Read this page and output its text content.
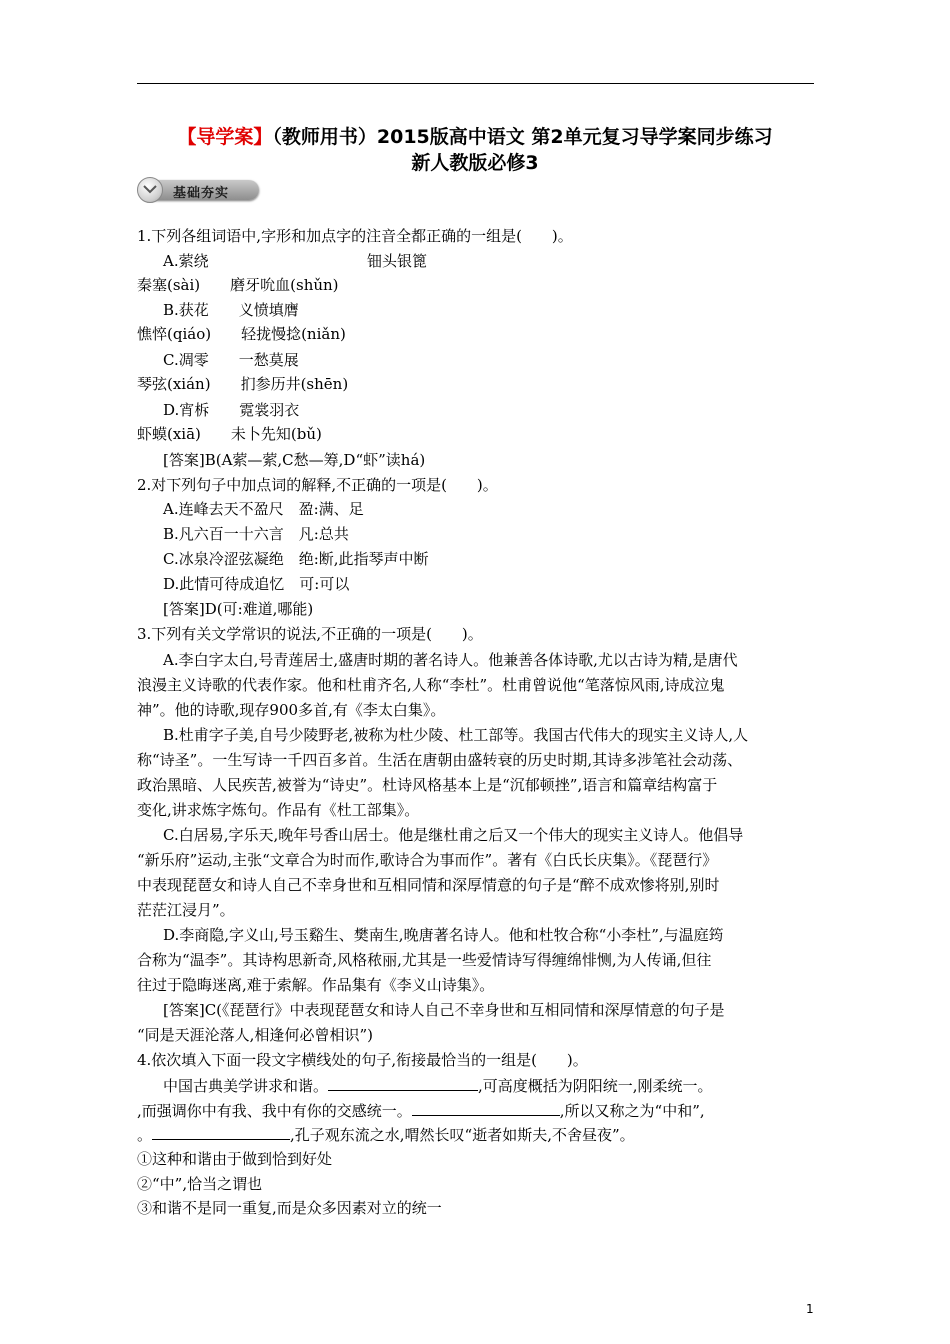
【导学案】（教师用书）2015版高中语文 第2单元复习导学案同步练习
新人教版必修3
基础夯实
1.下列各组词语中,字形和加点字的注音全都正确的一组是(　　)。
A.萦绕	钿头银篦
秦塞(sài)　　磨牙吮血(shǔn)
B.获花　　义愤填膺
憔悴(qiáo)　　轻拢慢捻(niǎn)
C.凋零　　一愁莫展
琴弦(xián)　　扪参历井(shēn)
D.宵柝　　霓裳羽衣
虾蟆(xiā)　　未卜先知(bǔ)
[答案]B(A萦—萦,C愁—筹,D“虾”读há)
2.对下列句子中加点词的解释,不正确的一项是(　　)。
A.连峰去天不盈尺　盈:满、足
B.凡六百一十六言　凡:总共
C.冰泉冷涩弦凝绝　绝:断,此指琴声中断
D.此情可待成追忆　可:可以
[答案]D(可:难道,哪能)
3.下列有关文学常识的说法,不正确的一项是(　　)。
A.李白字太白,号青莲居士,盛唐时期的著名诗人。他兼善各体诗歌,尤以古诗为精,是唐代
浪漫主义诗歌的代表作家。他和杜甫齐名,人称“李杜”。杜甫曾说他“笔落惊风雨,诗成泣鬼
神”。他的诗歌,现存900多首,有《李太白集》。
B.杜甫字子美,自号少陵野老,被称为杜少陵、杜工部等。我国古代伟大的现实主义诗人,人
称“诗圣”。一生写诗一千四百多首。生活在唐朝由盛转衰的历史时期,其诗多涉笔社会动荡、
政治黑暗、人民疾苦,被誉为“诗史”。杜诗风格基本上是“沉郁顿挫”,语言和篇章结构富于
变化,讲求炼字炼句。作品有《杜工部集》。
C.白居易,字乐天,晚年号香山居士。他是继杜甫之后又一个伟大的现实主义诗人。他倡导
“新乐府”运动,主张“文章合为时而作,歌诗合为事而作”。著有《白氏长庆集》。《琵琶行》
中表现琵琶女和诗人自己不幸身世和互相同情和深厚情意的句子是“醉不成欢惨将别,别时
茫茫江浸月”。
D.李商隐,字义山,号玉谿生、樊南生,晚唐著名诗人。他和杜牧合称“小李杜”,与温庭筠
合称为“温李”。其诗构思新奇,风格秾丽,尤其是一些爱情诗写得缠绵悱恻,为人传诵,但往
往过于隐晦迷离,难于索解。作品集有《李义山诗集》。
[答案]C(《琵琶行》中表现琵琶女和诗人自己不幸身世和互相同情和深厚情意的句子是
“同是天涯沦落人,相逢何必曾相识”)
4.依次填入下面一段文字横线处的句子,衔接最恰当的一组是(　　)。
中国古典美学讲求和谐。	,可高度概括为阴阳统一,刚柔统一。
,而强调你中有我、我中有你的交感统一。	,所以又称之为“中和”,
。	,孔子观东流之水,喟然长叹“逝者如斯夫,不舍昼夜”。
①这种和谐由于做到恰到好处
②“中”,恰当之谓也
③和谐不是同一重复,而是众多因素对立的统一
1
